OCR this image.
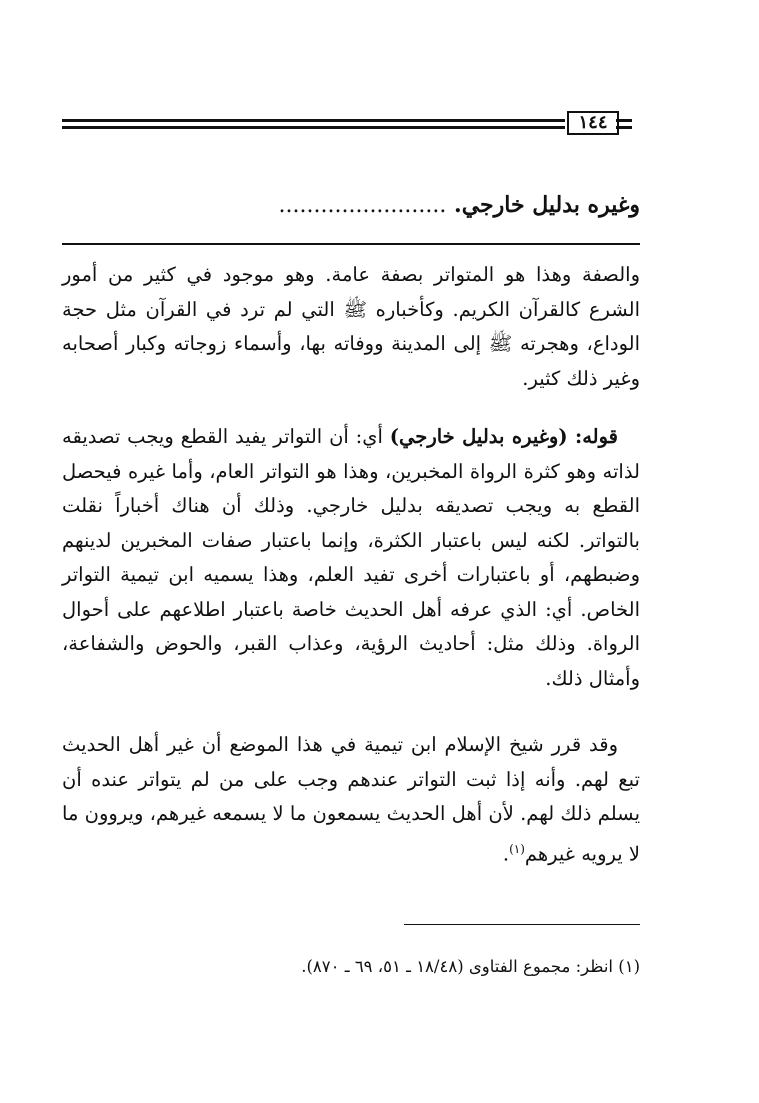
١٤٤
وغيره بدليل خارجي. ........................
والصفة وهذا هو المتواتر بصفة عامة. وهو موجود في كثير من أمور الشرع كالقرآن الكريم. وكأخباره ﷺ التي لم ترد في القرآن مثل حجة الوداع، وهجرته ﷺ إلى المدينة ووفاته بها، وأسماء زوجاته وكبار أصحابه وغير ذلك كثير.
قوله: (وغيره بدليل خارجي) أي: أن التواتر يفيد القطع ويجب تصديقه لذاته وهو كثرة الرواة المخبرين، وهذا هو التواتر العام، وأما غيره فيحصل القطع به ويجب تصديقه بدليل خارجي. وذلك أن هناك أخباراً نقلت بالتواتر. لكنه ليس باعتبار الكثرة، وإنما باعتبار صفات المخبرين لدينهم وضبطهم، أو باعتبارات أخرى تفيد العلم، وهذا يسميه ابن تيمية التواتر الخاص. أي: الذي عرفه أهل الحديث خاصة باعتبار اطلاعهم على أحوال الرواة. وذلك مثل: أحاديث الرؤية، وعذاب القبر، والحوض والشفاعة، وأمثال ذلك.
وقد قرر شيخ الإسلام ابن تيمية في هذا الموضع أن غير أهل الحديث تبع لهم. وأنه إذا ثبت التواتر عندهم وجب على من لم يتواتر عنده أن يسلم ذلك لهم. لأن أهل الحديث يسمعون ما لا يسمعه غيرهم، ويروون ما لا يرويه غيرهم$^{(١)}$.
(١) انظر: مجموع الفتاوى (١٨/٤٨ ـ ٥١، ٦٩ ـ ٨٧٠).
